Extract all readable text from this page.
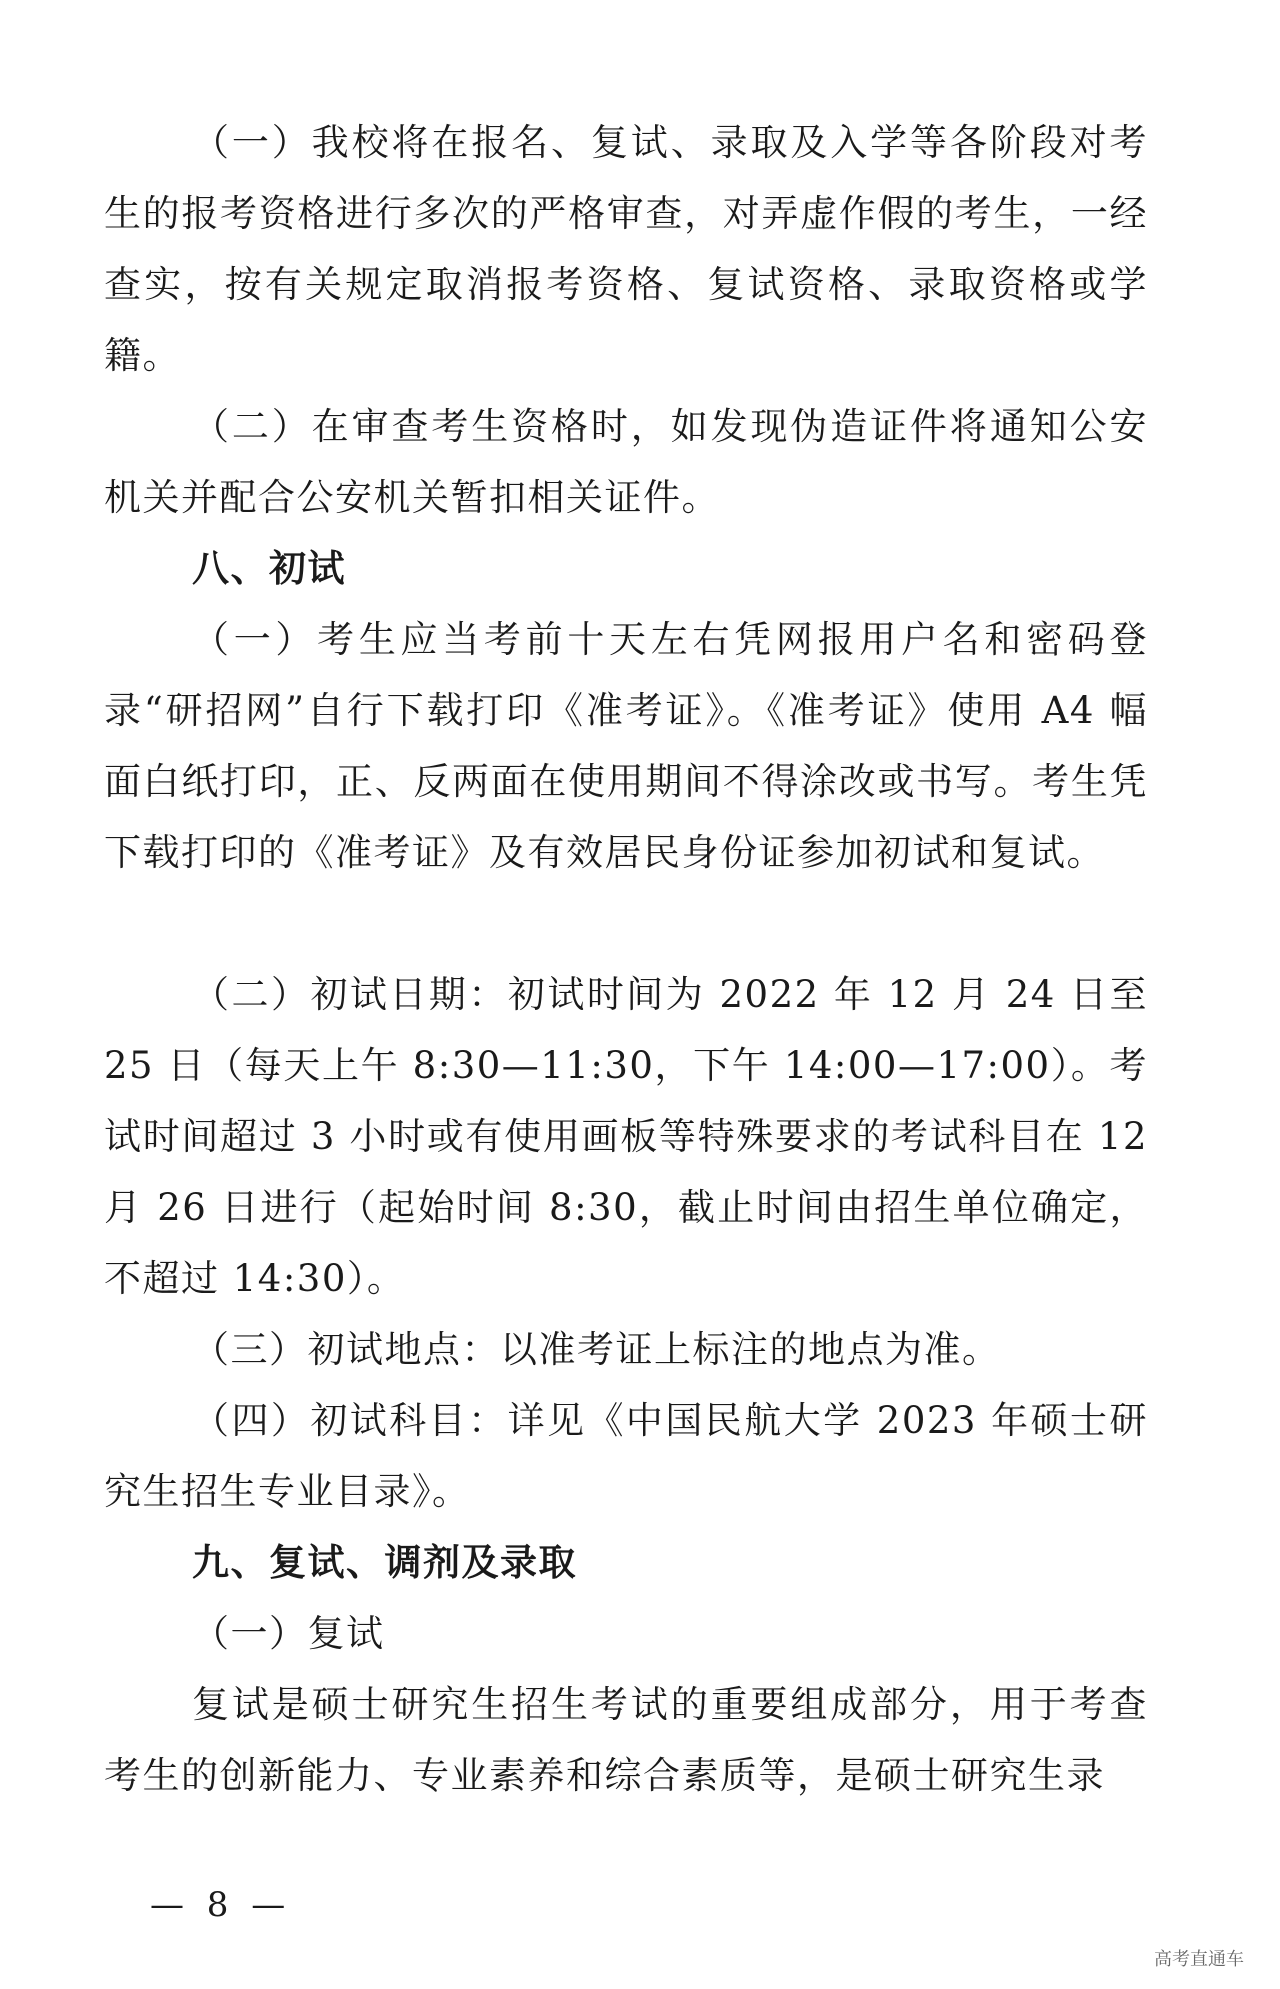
（一）我校将在报名、复试、录取及入学等各阶段对考生的报考资格进行多次的严格审查，对弄虚作假的考生，一经查实，按有关规定取消报考资格、复试资格、录取资格或学籍。

（二）在审查考生资格时，如发现伪造证件将通知公安机关并配合公安机关暂扣相关证件。

八、初试

（一）考生应当考前十天左右凭网报用户名和密码登录“研招网”自行下载打印《准考证》。《准考证》使用 A4 幅面白纸打印，正、反两面在使用期间不得涂改或书写。考生凭下载打印的《准考证》及有效居民身份证参加初试和复试。

（二）初试日期：初试时间为 2022 年 12 月 24 日至 25 日（每天上午 8:30—11:30，下午 14:00—17:00）。考试时间超过 3 小时或有使用画板等特殊要求的考试科目在 12 月 26 日进行（起始时间 8:30，截止时间由招生单位确定，不超过 14:30）。

（三）初试地点：以准考证上标注的地点为准。

（四）初试科目：详见《中国民航大学 2023 年硕士研究生招生专业目录》。

九、复试、调剂及录取

（一）复试

复试是硕士研究生招生考试的重要组成部分，用于考查考生的创新能力、专业素养和综合素质等，是硕士研究生录

— 8 —
高考直通车
